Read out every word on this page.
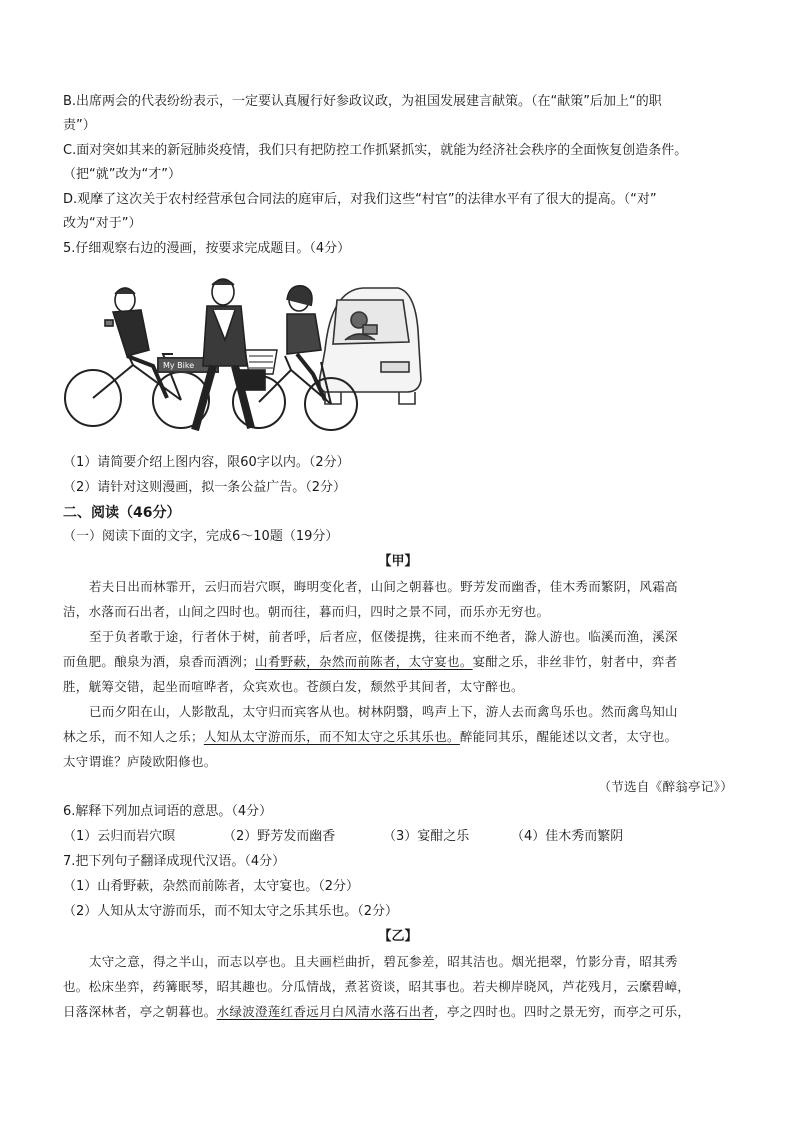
B.出席两会的代表纷纷表示，一定要认真履行好参政议政，为祖国发展建言献策。（在“献策”后加上“的职
责”）
C.面对突如其来的新冠肺炎疫情，我们只有把防控工作抓紧抓实，就能为经济社会秩序的全面恢复创造条件。
（把“就”改为“才”）
D.观摩了这次关于农村经营承包合同法的庭审后，对我们这些“村官”的法律水平有了很大的提高。（“对”
改为“对于”）
5.仔细观察右边的漫画，按要求完成题目。（4分）
My Bike
（1）请简要介绍上图内容，限60字以内。（2分）
（2）请针对这则漫画，拟一条公益广告。（2分）
二、阅读（46分）
（一）阅读下面的文字，完成6～10题（19分）
【甲】
若夫日出而林霏开，云归而岩穴暝，晦明变化者，山间之朝暮也。野芳发而幽香，佳木秀而繁阴，风霜高
洁，水落而石出者，山间之四时也。朝而往，暮而归，四时之景不同，而乐亦无穷也。
至于负者歌于途，行者休于树，前者呼，后者应，伛偻提携，往来而不绝者，滁人游也。临溪而渔，溪深
而鱼肥。酿泉为酒，泉香而酒洌；山肴野蔌，杂然而前陈者，太守宴也。宴酣之乐，非丝非竹，射者中，弈者
胜，觥筹交错，起坐而喧哗者，众宾欢也。苍颜白发，颓然乎其间者，太守醉也。
已而夕阳在山，人影散乱，太守归而宾客从也。树林阴翳，鸣声上下，游人去而禽鸟乐也。然而禽鸟知山
林之乐，而不知人之乐；人知从太守游而乐，而不知太守之乐其乐也。醉能同其乐，醒能述以文者，太守也。
太守谓谁？庐陵欧阳修也。
（节选自《醉翁亭记》）
6.解释下列加点词语的意思。（4分）
（1）云归而岩穴暝	（2）野芳发而幽香	（3）宴酣之乐	（4）佳木秀而繁阴
7.把下列句子翻译成现代汉语。（4分）
（1）山肴野蔌，杂然而前陈者，太守宴也。（2分）
（2）人知从太守游而乐，而不知太守之乐其乐也。（2分）
【乙】
太守之意，得之半山，而志以亭也。且夫画栏曲折，碧瓦参差，昭其洁也。烟光挹翠，竹影分青，昭其秀
也。松床坐弈，药篝眠琴，昭其趣也。分瓜情战，煮茗资谈，昭其事也。若夫柳岸晓风，芦花残月，云縻碧嶂，
日落深林者，亭之朝暮也。水绿波澄莲红香远月白风清水落石出者，亭之四时也。四时之景无穷，而亭之可乐，
